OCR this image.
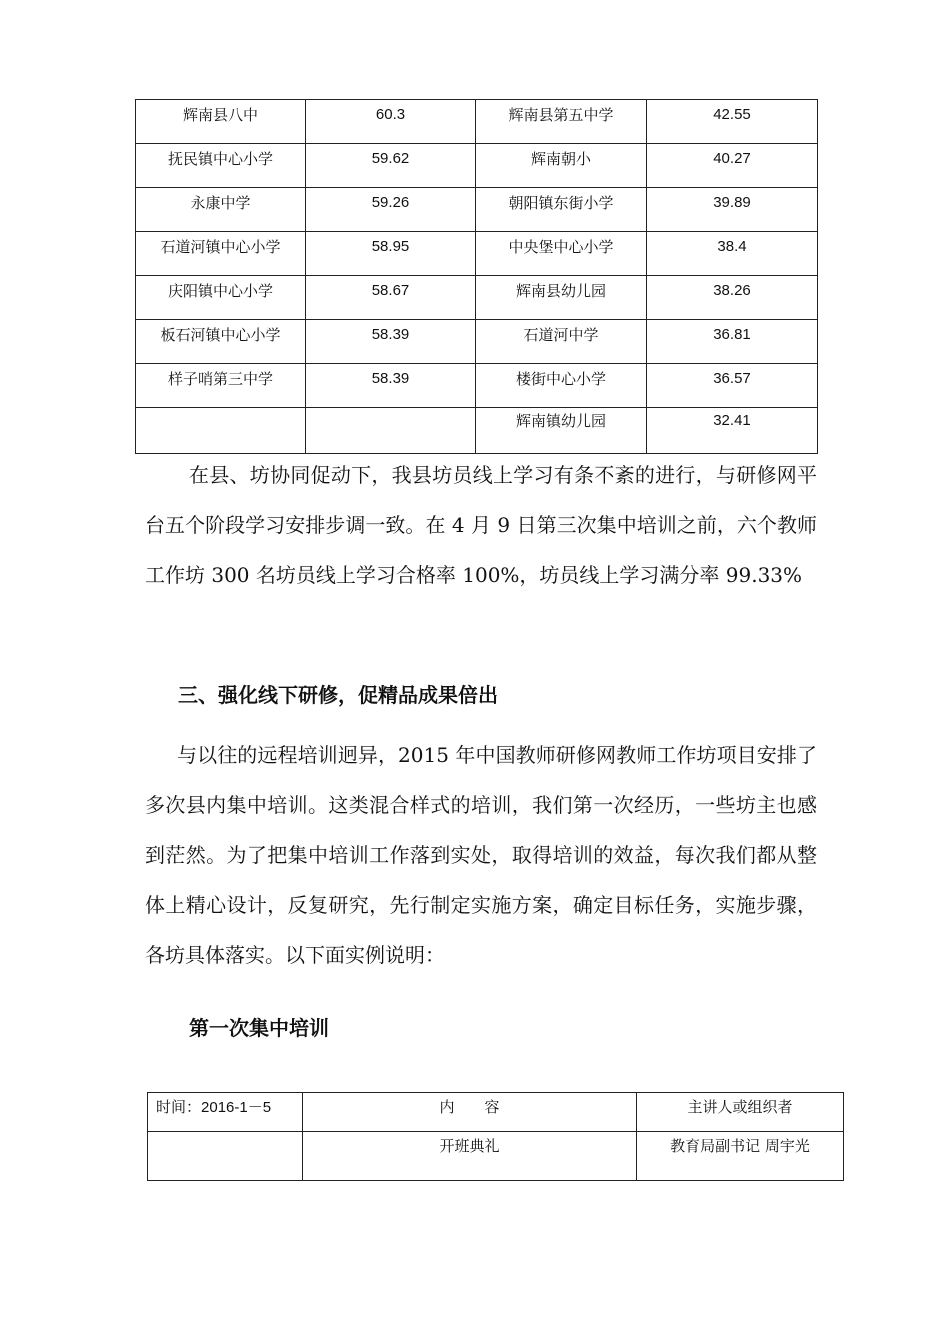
辉南县八中	60.3	辉南县第五中学	42.55
抚民镇中心小学	59.62	辉南朝小	40.27
永康中学	59.26	朝阳镇东街小学	39.89
石道河镇中心小学	58.95	中央堡中心小学	38.4
庆阳镇中心小学	58.67	辉南县幼儿园	38.26
板石河镇中心小学	58.39	石道河中学	36.81
样子哨第三中学	58.39	楼街中心小学	36.57
		辉南镇幼儿园	32.41

在县、坊协同促动下，我县坊员线上学习有条不紊的进行，与研修网平台五个阶段学习安排步调一致。在 4 月 9 日第三次集中培训之前，六个教师工作坊 300 名坊员线上学习合格率 100%，坊员线上学习满分率 99.33%

三、强化线下研修，促精品成果倍出

与以往的远程培训迥异，2015 年中国教师研修网教师工作坊项目安排了多次县内集中培训。这类混合样式的培训，我们第一次经历，一些坊主也感到茫然。为了把集中培训工作落到实处，取得培训的效益，每次我们都从整体上精心设计，反复研究，先行制定实施方案，确定目标任务，实施步骤，各坊具体落实。以下面实例说明：

第一次集中培训
时间：2016-1－5	内　　容	主讲人或组织者
	开班典礼	教育局副书记 周宇光
